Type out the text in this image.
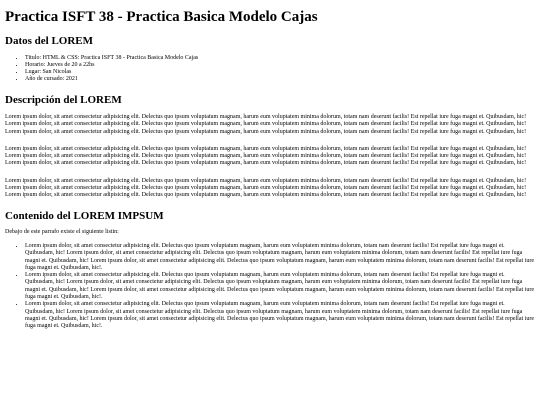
Practica ISFT 38 - Practica Basica Modelo Cajas
Datos del LOREM
• Titulo: HTML & CSS: Practica ISFT 38 - Practica Basica Modelo Cajas
• Horario: Jueves de 20 a 22hs
• Lugar: San Nicolas
• Año de cursado: 2021
Descripción del LOREM

Lorem ipsum dolor, sit amet consectetur adipisicing elit. Delectus quo ipsum voluptatum magnam, harum eum voluptatem minima dolorum, totam nam deserunt facilis! Est repellat iure fuga magni et. Quibusdam, hic! Lorem ipsum dolor, sit amet consectetur adipisicing elit. Delectus quo ipsum voluptatum magnam, harum eum voluptatem minima dolorum, totam nam deserunt facilis! Est repellat iure fuga magni et. Quibusdam, hic! Lorem ipsum dolor, sit amet consectetur adipisicing elit. Delectus quo ipsum voluptatum magnam, harum eum voluptatem minima dolorum, totam nam deserunt facilis! Est repellat iure fuga magni et. Quibusdam, hic!

Lorem ipsum dolor, sit amet consectetur adipisicing elit. Delectus quo ipsum voluptatum magnam, harum eum voluptatem minima dolorum, totam nam deserunt facilis! Est repellat iure fuga magni et. Quibusdam, hic! Lorem ipsum dolor, sit amet consectetur adipisicing elit. Delectus quo ipsum voluptatum magnam, harum eum voluptatem minima dolorum, totam nam deserunt facilis! Est repellat iure fuga magni et. Quibusdam, hic! Lorem ipsum dolor, sit amet consectetur adipisicing elit. Delectus quo ipsum voluptatum magnam, harum eum voluptatem minima dolorum, totam nam deserunt facilis! Est repellat iure fuga magni et. Quibusdam, hic!

Lorem ipsum dolor, sit amet consectetur adipisicing elit. Delectus quo ipsum voluptatum magnam, harum eum voluptatem minima dolorum, totam nam deserunt facilis! Est repellat iure fuga magni et. Quibusdam, hic! Lorem ipsum dolor, sit amet consectetur adipisicing elit. Delectus quo ipsum voluptatum magnam, harum eum voluptatem minima dolorum, totam nam deserunt facilis! Est repellat iure fuga magni et. Quibusdam, hic! Lorem ipsum dolor, sit amet consectetur adipisicing elit. Delectus quo ipsum voluptatum magnam, harum eum voluptatem minima dolorum, totam nam deserunt facilis! Est repellat iure fuga magni et. Quibusdam, hic!

Contenido del LOREM IMPSUM

Debajo de este parrafo existe el siguiente listin:

• Lorem ipsum dolor, sit amet consectetur adipisicing elit. Delectus quo ipsum voluptatum magnam, harum eum voluptatem minima dolorum, totam nam deserunt facilis! Est repellat iure fuga magni et. Quibusdam, hic! Lorem ipsum dolor, sit amet consectetur adipisicing elit. Delectus quo ipsum voluptatum magnam, harum eum voluptatem minima dolorum, totam nam deserunt facilis! Est repellat iure fuga magni et. Quibusdam, hic! Lorem ipsum dolor, sit amet consectetur adipisicing elit. Delectus quo ipsum voluptatum magnam, harum eum voluptatem minima dolorum, totam nam deserunt facilis! Est repellat iure fuga magni et. Quibusdam, hic!.
• Lorem ipsum dolor, sit amet consectetur adipisicing elit. Delectus quo ipsum voluptatum magnam, harum eum voluptatem minima dolorum, totam nam deserunt facilis! Est repellat iure fuga magni et. Quibusdam, hic! Lorem ipsum dolor, sit amet consectetur adipisicing elit. Delectus quo ipsum voluptatum magnam, harum eum voluptatem minima dolorum, totam nam deserunt facilis! Est repellat iure fuga magni et. Quibusdam, hic! Lorem ipsum dolor, sit amet consectetur adipisicing elit. Delectus quo ipsum voluptatum magnam, harum eum voluptatem minima dolorum, totam nam deserunt facilis! Est repellat iure fuga magni et. Quibusdam, hic!.
• Lorem ipsum dolor, sit amet consectetur adipisicing elit. Delectus quo ipsum voluptatum magnam, harum eum voluptatem minima dolorum, totam nam deserunt facilis! Est repellat iure fuga magni et. Quibusdam, hic! Lorem ipsum dolor, sit amet consectetur adipisicing elit. Delectus quo ipsum voluptatum magnam, harum eum voluptatem minima dolorum, totam nam deserunt facilis! Est repellat iure fuga magni et. Quibusdam, hic! Lorem ipsum dolor, sit amet consectetur adipisicing elit. Delectus quo ipsum voluptatum magnam, harum eum voluptatem minima dolorum, totam nam deserunt facilis! Est repellat iure fuga magni et. Quibusdam, hic!.
